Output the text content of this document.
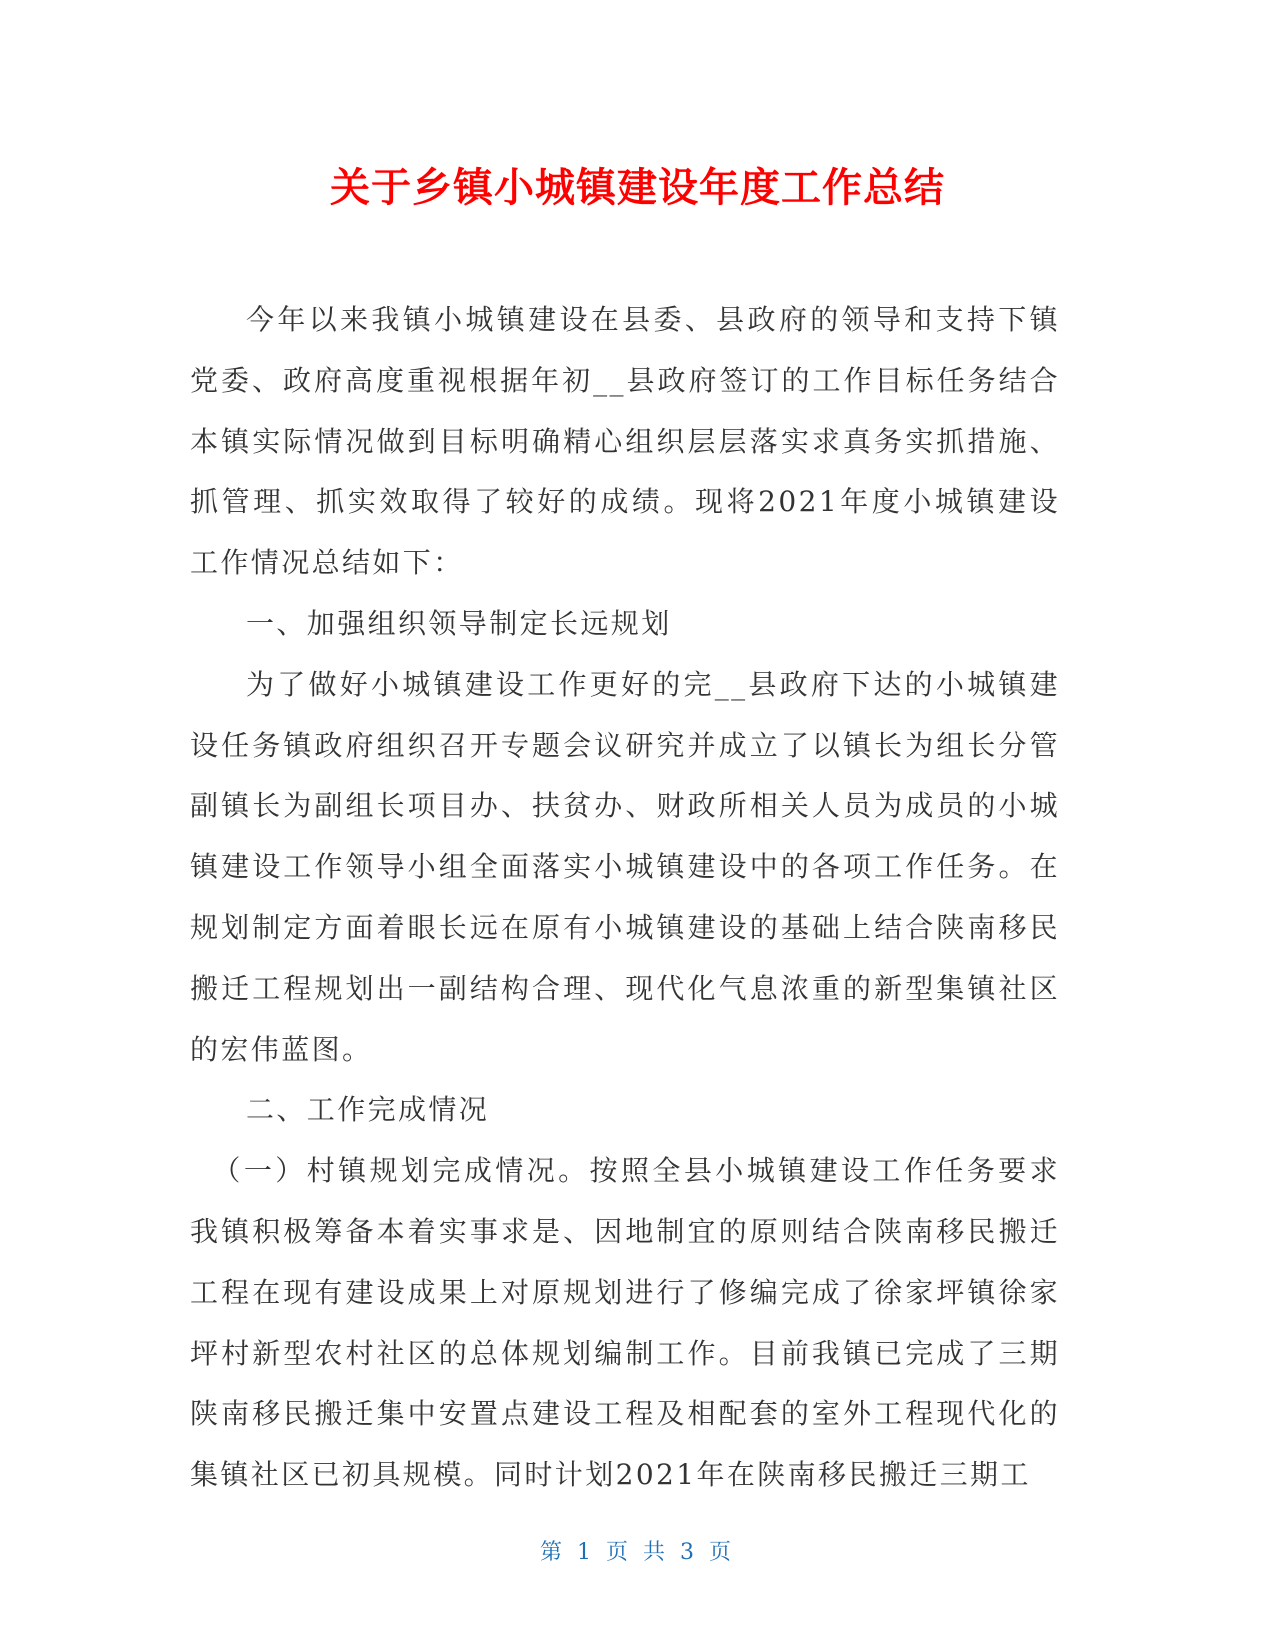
关于乡镇小城镇建设年度工作总结

今年以来我镇小城镇建设在县委、县政府的领导和支持下镇党委、政府高度重视根据年初__县政府签订的工作目标任务结合本镇实际情况做到目标明确精心组织层层落实求真务实抓措施、抓管理、抓实效取得了较好的成绩。现将2021年度小城镇建设工作情况总结如下：

一、加强组织领导制定长远规划

为了做好小城镇建设工作更好的完__县政府下达的小城镇建设任务镇政府组织召开专题会议研究并成立了以镇长为组长分管副镇长为副组长项目办、扶贫办、财政所相关人员为成员的小城镇建设工作领导小组全面落实小城镇建设中的各项工作任务。在规划制定方面着眼长远在原有小城镇建设的基础上结合陕南移民搬迁工程规划出一副结构合理、现代化气息浓重的新型集镇社区的宏伟蓝图。

二、工作完成情况

（一）村镇规划完成情况。按照全县小城镇建设工作任务要求我镇积极筹备本着实事求是、因地制宜的原则结合陕南移民搬迁工程在现有建设成果上对原规划进行了修编完成了徐家坪镇徐家坪村新型农村社区的总体规划编制工作。目前我镇已完成了三期陕南移民搬迁集中安置点建设工程及相配套的室外工程现代化的集镇社区已初具规模。同时计划2021年在陕南移民搬迁三期工

第 1 页 共 3 页
